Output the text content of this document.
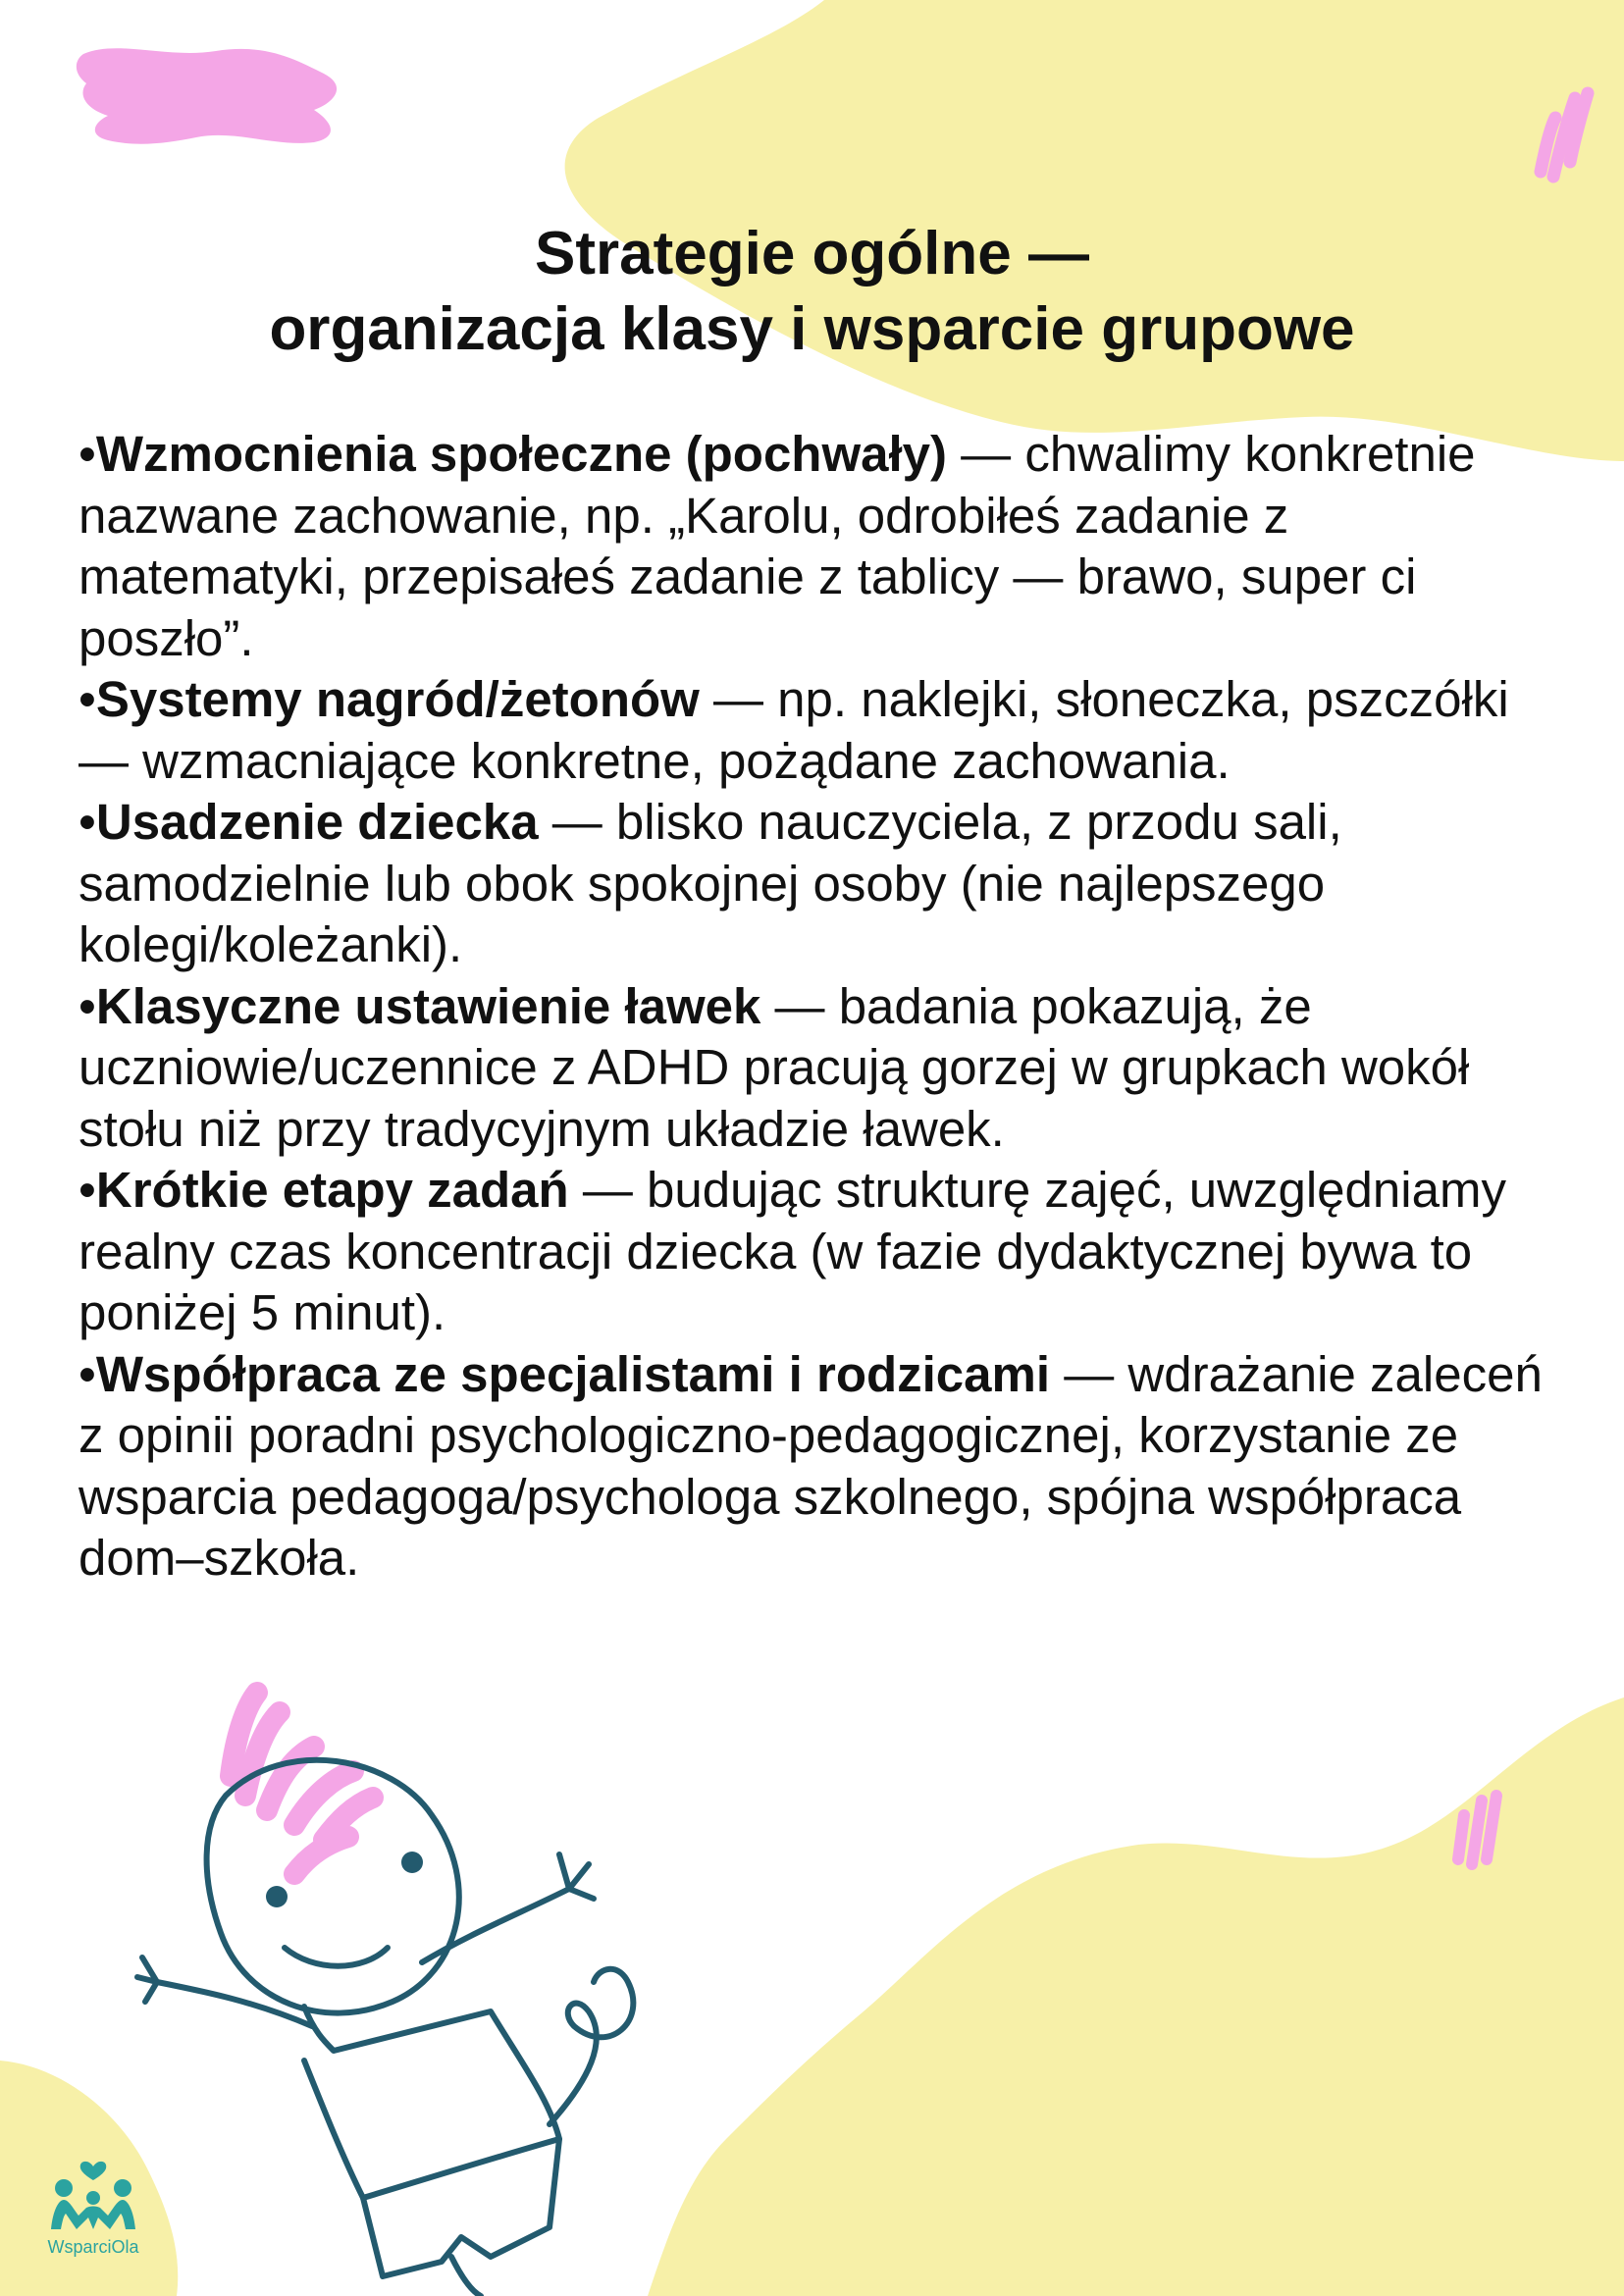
Strategie ogólne —
organizacja klasy i wsparcie grupowe

•Wzmocnienia społeczne (pochwały) — chwalimy konkretnie nazwane zachowanie, np. „Karolu, odrobiłeś zadanie z matematyki, przepisałeś zadanie z tablicy — brawo, super ci poszło”.

•Systemy nagród/żetonów — np. naklejki, słoneczka, pszczółki — wzmacniające konkretne, pożądane zachowania.

•Usadzenie dziecka — blisko nauczyciela, z przodu sali, samodzielnie lub obok spokojnej osoby (nie najlepszego kolegi/koleżanki).

•Klasyczne ustawienie ławek — badania pokazują, że uczniowie/uczennice z ADHD pracują gorzej w grupkach wokół stołu niż przy tradycyjnym układzie ławek.

•Krótkie etapy zadań — budując strukturę zajęć, uwzględniamy realny czas koncentracji dziecka (w fazie dydaktycznej bywa to poniżej 5 minut).

•Współpraca ze specjalistami i rodzicami — wdrażanie zaleceń z opinii poradni psychologiczno-pedagogicznej, korzystanie ze wsparcia pedagoga/psychologa szkolnego, spójna współpraca dom–szkoła.

WsparciOla
